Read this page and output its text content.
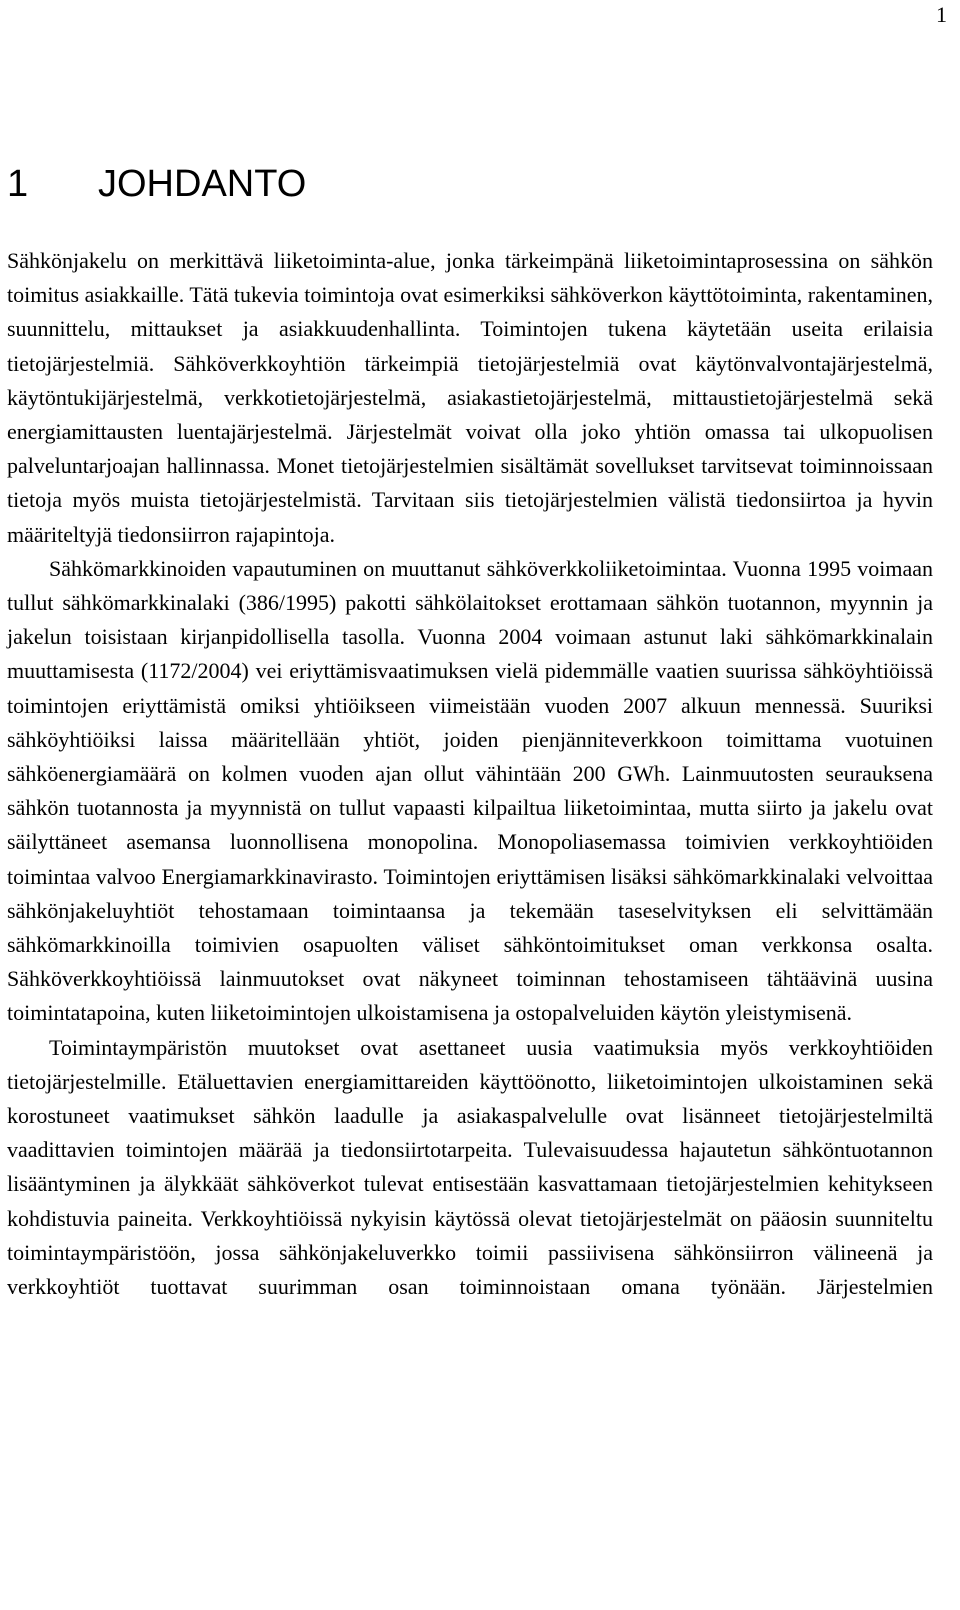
1
1 JOHDANTO

Sähkönjakelu on merkittävä liiketoiminta-alue, jonka tärkeimpänä liiketoimintaprosessina on sähkön toimitus asiakkaille. Tätä tukevia toimintoja ovat esimerkiksi sähköverkon käyttötoiminta, rakentaminen, suunnittelu, mittaukset ja asiakkuudenhallinta. Toimintojen tukena käytetään useita erilaisia tietojärjestelmiä. Sähköverkkoyhtiön tärkeimpiä tietojärjestelmiä ovat käytönvalvontajärjestelmä, käytöntukijärjestelmä, verkkotietojärjestelmä, asiakastietojärjestelmä, mittaustietojärjestelmä sekä energiamittausten luentajärjestelmä. Järjestelmät voivat olla joko yhtiön omassa tai ulkopuolisen palveluntarjoajan hallinnassa. Monet tietojärjestelmien sisältämät sovellukset tarvitsevat toiminnoissaan tietoja myös muista tietojärjestelmistä. Tarvitaan siis tietojärjestelmien välistä tiedonsiirtoa ja hyvin määriteltyjä tiedonsiirron rajapintoja.

Sähkömarkkinoiden vapautuminen on muuttanut sähköverkkoliiketoimintaa. Vuonna 1995 voimaan tullut sähkömarkkinalaki (386/1995) pakotti sähkölaitokset erottamaan sähkön tuotannon, myynnin ja jakelun toisistaan kirjanpidollisella tasolla. Vuonna 2004 voimaan astunut laki sähkömarkkinalain muuttamisesta (1172/2004) vei eriyttämisvaatimuksen vielä pidemmälle vaatien suurissa sähköyhtiöissä toimintojen eriyttämistä omiksi yhtiöikseen viimeistään vuoden 2007 alkuun mennessä. Suuriksi sähköyhtiöiksi laissa määritellään yhtiöt, joiden pienjänniteverkkoon toimittama vuotuinen sähköenergiamäärä on kolmen vuoden ajan ollut vähintään 200 GWh. Lainmuutosten seurauksena sähkön tuotannosta ja myynnistä on tullut vapaasti kilpailtua liiketoimintaa, mutta siirto ja jakelu ovat säilyttäneet asemansa luonnollisena monopolina. Monopoliasemassa toimivien verkkoyhtiöiden toimintaa valvoo Energiamarkkinavirasto. Toimintojen eriyttämisen lisäksi sähkömarkkinalaki velvoittaa sähkönjakeluyhtiöt tehostamaan toimintaansa ja tekemään taseselvityksen eli selvittämään sähkömarkkinoilla toimivien osapuolten väliset sähköntoimitukset oman verkkonsa osalta. Sähköverkkoyhtiöissä lainmuutokset ovat näkyneet toiminnan tehostamiseen tähtäävinä uusina toimintatapoina, kuten liiketoimintojen ulkoistamisena ja ostopalveluiden käytön yleistymisenä.

Toimintaympäristön muutokset ovat asettaneet uusia vaatimuksia myös verkkoyhtiöiden tietojärjestelmille. Etäluettavien energiamittareiden käyttöönotto, liiketoimintojen ulkoistaminen sekä korostuneet vaatimukset sähkön laadulle ja asiakaspalvelulle ovat lisänneet tietojärjestelmiltä vaadittavien toimintojen määrää ja tiedonsiirtotarpeita. Tulevaisuudessa hajautetun sähköntuotannon lisääntyminen ja älykkäät sähköverkot tulevat entisestään kasvattamaan tietojärjestelmien kehitykseen kohdistuvia paineita. Verkkoyhtiöissä nykyisin käytössä olevat tietojärjestelmät on pääosin suunniteltu toimintaympäristöön, jossa sähkönjakeluverkko toimii passiivisena sähkönsiirron välineenä ja verkkoyhtiöt tuottavat suurimman osan toiminnoistaan omana työnään. Järjestelmien
